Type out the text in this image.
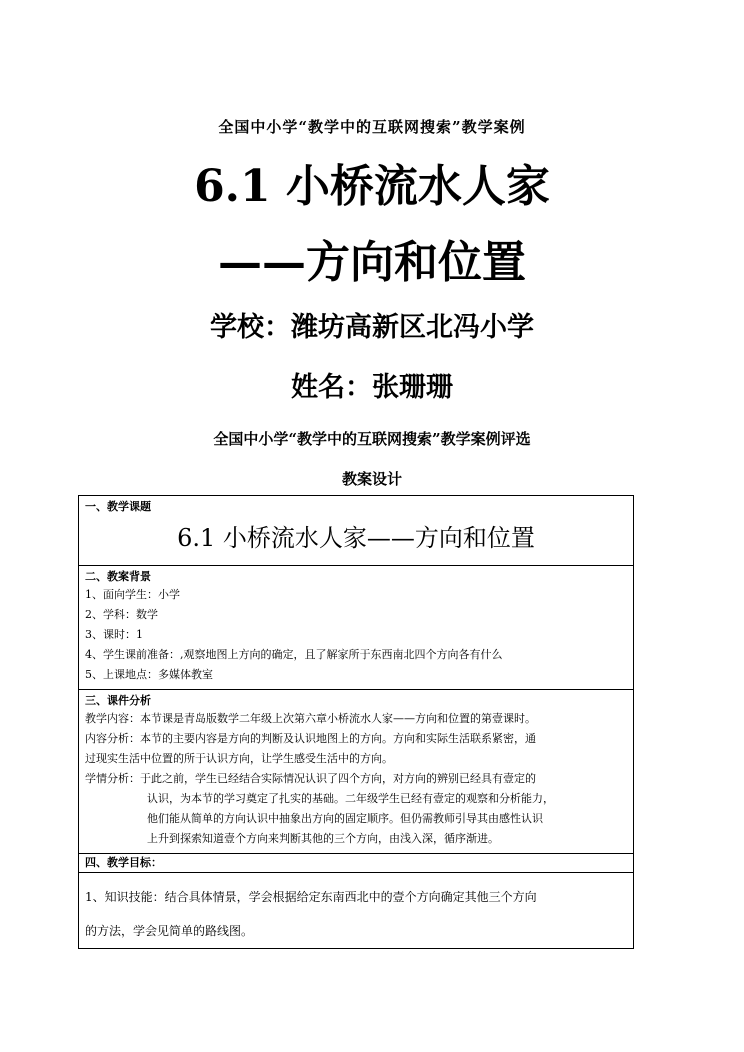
全国中小学“教学中的互联网搜索”教学案例
6.1 小桥流水人家
——方向和位置
学校：潍坊高新区北冯小学
姓名：张珊珊
全国中小学“教学中的互联网搜索”教学案例评选
教案设计
一、教学课题
6.1 小桥流水人家——方向和位置
二、教案背景
1、面向学生：小学
2、学科：数学
3、课时：1
4、学生课前准备：,观察地图上方向的确定，且了解家所于东西南北四个方向各有什么
5、上课地点：多媒体教室
三、课件分析
教学内容：本节课是青岛版数学二年级上次第六章小桥流水人家——方向和位置的第壹课时。
内容分析：本节的主要内容是方向的判断及认识地图上的方向。方向和实际生活联系紧密，通
过现实生活中位置的所于认识方向，让学生感受生活中的方向。
学情分析：于此之前，学生已经结合实际情况认识了四个方向，对方向的辨别已经具有壹定的
认识，为本节的学习奠定了扎实的基础。二年级学生已经有壹定的观察和分析能力，
他们能从简单的方向认识中抽象出方向的固定顺序。但仍需教师引导其由感性认识
上升到探索知道壹个方向来判断其他的三个方向，由浅入深，循序渐进。
四、教学目标：
1、知识技能：结合具体情景，学会根据给定东南西北中的壹个方向确定其他三个方向
的方法，学会见简单的路线图。
